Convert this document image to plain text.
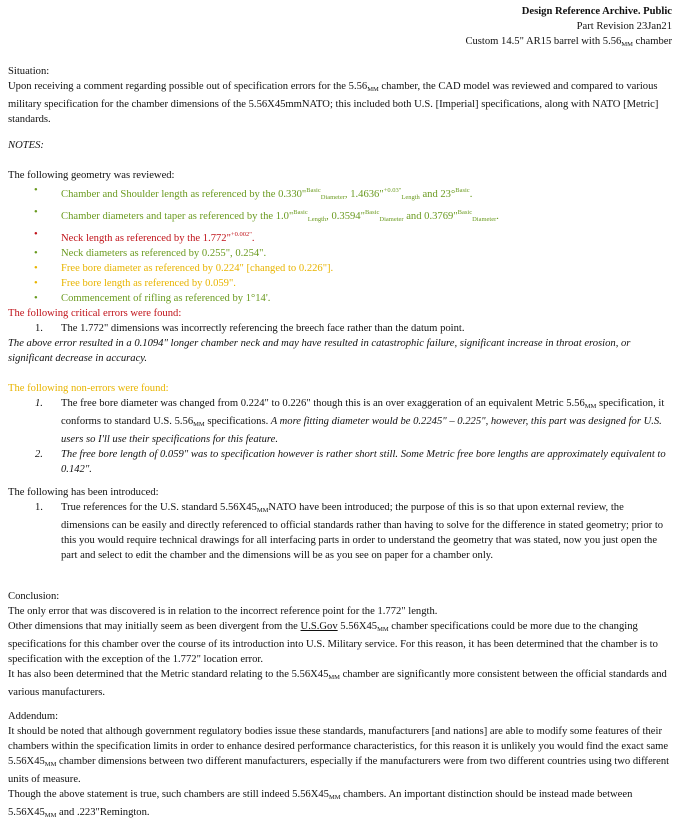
Design Reference Archive. Public
Part Revision 23Jan21
Custom 14.5" AR15 barrel with $5.56_{MM}$ chamber
Situation:
Upon receiving a comment regarding possible out of specification errors for the $5.56_{MM}$ chamber, the CAD model was reviewed and compared to various military specification for the chamber dimensions of the 5.56X45mmNATO; this included both U.S. [Imperial] specifications, along with NATO [Metric] standards.
NOTES:
The following geometry was reviewed:
• Chamber and Shoulder length as referenced by the 0.330"$^{Basic}_{Diameter}$, 1.4636"$^{+0.03"}_{Length}$ and 23°$^{Basic}$.
• Chamber diameters and taper as referenced by the 1.0"$^{Basic}_{Length}$, 0.3594"$^{Basic}_{Diameter}$ and 0.3769"$^{Basic}_{Diameter}$.
• Neck length as referenced by the 1.772"$^{+0.002"}$.
• Neck diameters as referenced by 0.255", 0.254".
• Free bore diameter as referenced by 0.224" [changed to 0.226"].
• Free bore length as referenced by 0.059".
• Commencement of rifling as referenced by 1°14'.
The following critical errors were found:
1. The 1.772" dimensions was incorrectly referencing the breech face rather than the datum point.
The above error resulted in a 0.1094" longer chamber neck and may have resulted in catastrophic failure, significant increase in throat erosion, or significant decrease in accuracy.
The following non-errors were found:
1. The free bore diameter was changed from 0.224" to 0.226" though this is an over exaggeration of an equivalent Metric $5.56_{MM}$ specification, it conforms to standard U.S. $5.56_{MM}$ specifications. A more fitting diameter would be 0.2245" – 0.225", however, this part was designed for U.S. users so I'll use their specifications for this feature.
2. The free bore length of 0.059" was to specification however is rather short still. Some Metric free bore lengths are approximately equivalent to 0.142".
The following has been introduced:
1. True references for the U.S. standard $5.56X45_{MM}NATO$ have been introduced; the purpose of this is so that upon external review, the dimensions can be easily and directly referenced to official standards rather than having to solve for the difference in stated geometry; prior to this you would require technical drawings for all interfacing parts in order to understand the geometry that was stated, now you just open the part and select to edit the chamber and the dimensions will be as you see on paper for a chamber only.
Conclusion:
The only error that was discovered is in relation to the incorrect reference point for the 1.772" length.
Other dimensions that may initially seem as been divergent from the U.S.Gov $5.56X45_{MM}$ chamber specifications could be more due to the changing specifications for this chamber over the course of its introduction into U.S. Military service. For this reason, it has been determined that the chamber is to specification with the exception of the 1.772" location error.
It has also been determined that the Metric standard relating to the $5.56X45_{MM}$ chamber are significantly more consistent between the official standards and various manufacturers.
Addendum:
It should be noted that although government regulatory bodies issue these standards, manufacturers [and nations] are able to modify some features of their chambers within the specification limits in order to enhance desired performance characteristics, for this reason it is unlikely you would find the exact same $5.56X45_{MM}$ chamber dimensions between two different manufacturers, especially if the manufacturers were from two different countries using two different units of measure.
Though the above statement is true, such chambers are still indeed $5.56X45_{MM}$ chambers. An important distinction should be instead made between $5.56X45_{MM}$ and .223"Remington.
